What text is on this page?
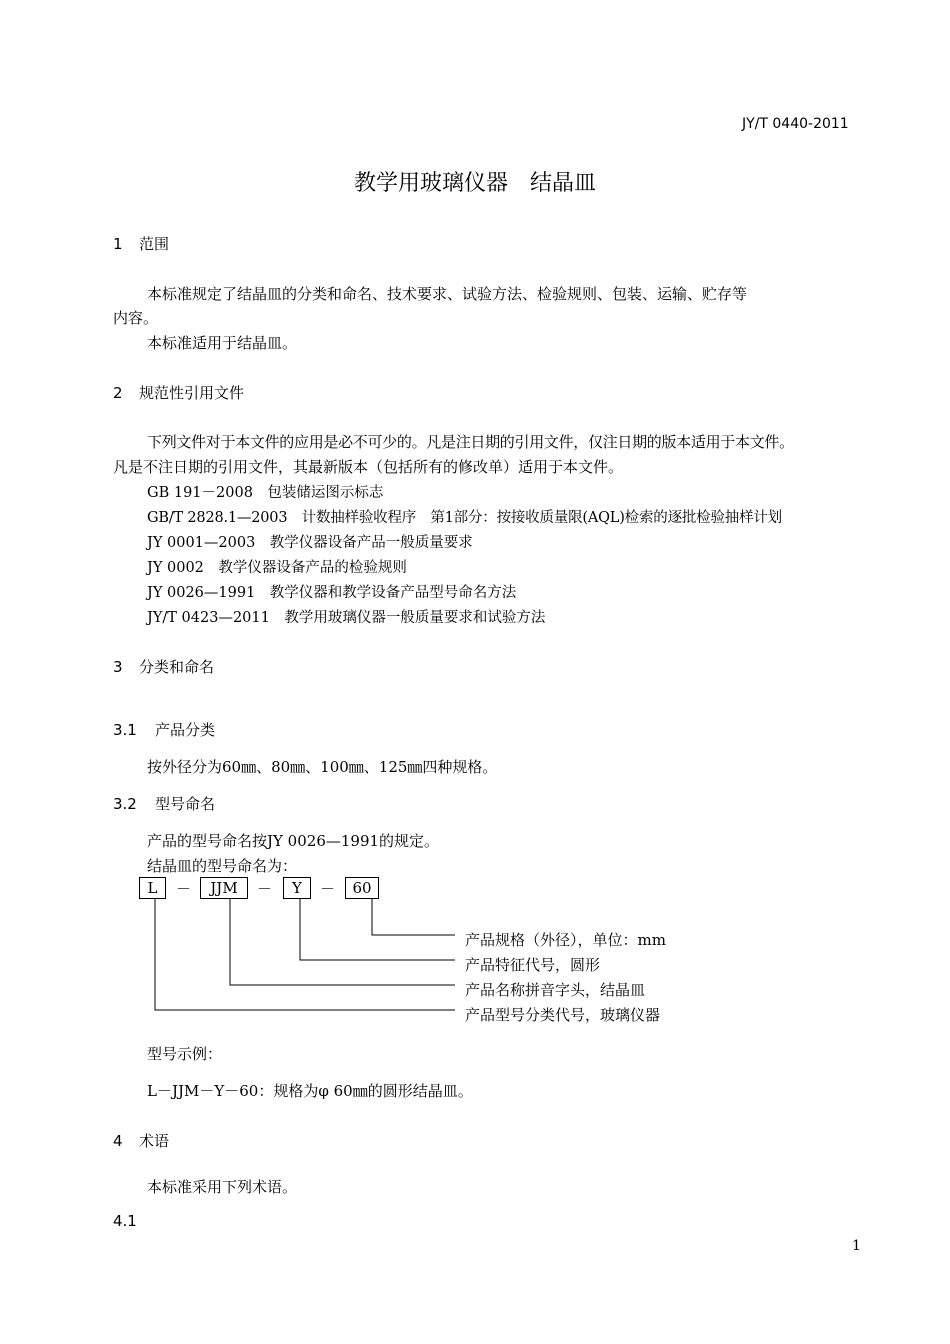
JY/T 0440-2011
教学用玻璃仪器　结晶皿
1 范围
本标准规定了结晶皿的分类和命名、技术要求、试验方法、检验规则、包装、运输、贮存等
内容。
本标准适用于结晶皿。
2 规范性引用文件
下列文件对于本文件的应用是必不可少的。凡是注日期的引用文件，仅注日期的版本适用于本文件。
凡是不注日期的引用文件，其最新版本（包括所有的修改单）适用于本文件。
GB 191－2008　包装储运图示标志
GB/T 2828.1—2003　计数抽样验收程序　第1部分：按接收质量限(AQL)检索的逐批检验抽样计划
JY 0001—2003　教学仪器设备产品一般质量要求
JY 0002　教学仪器设备产品的检验规则
JY 0026—1991　教学仪器和教学设备产品型号命名方法
JY/T 0423—2011　教学用玻璃仪器一般质量要求和试验方法
3 分类和命名
3.1 产品分类
按外径分为60㎜、80㎜、100㎜、125㎜四种规格。
3.2 型号命名
产品的型号命名按JY 0026—1991的规定。
结晶皿的型号命名为：
L	－	JJM	－	Y	－	60
产品规格（外径），单位：mm
产品特征代号，圆形
产品名称拼音字头，结晶皿
产品型号分类代号，玻璃仪器
型号示例：
L－JJM－Y－60：规格为φ 60㎜的圆形结晶皿。
4 术语
本标准采用下列术语。
4.1
1
